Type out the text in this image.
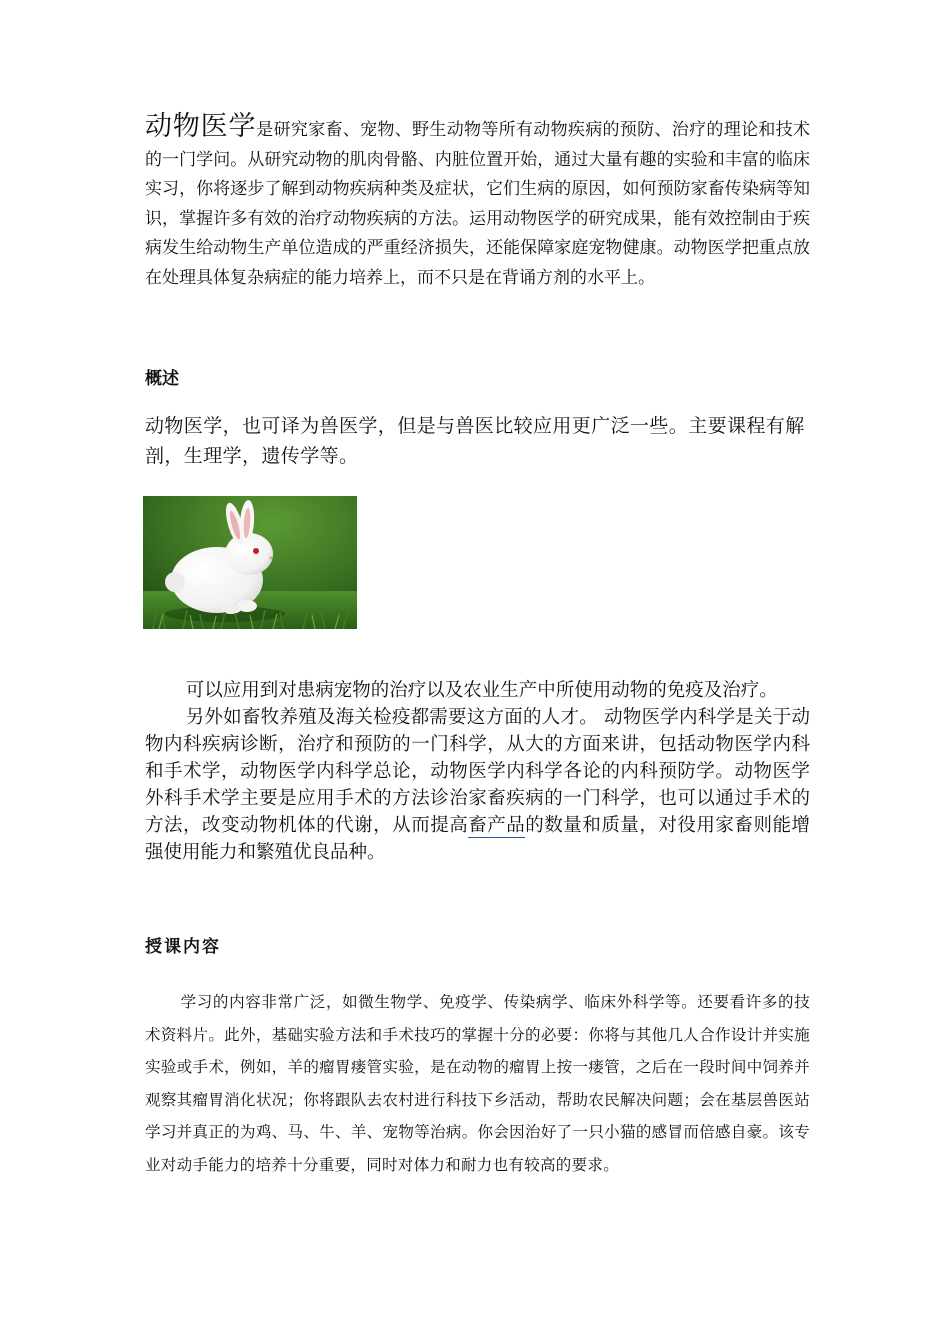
动物医学是研究家畜、宠物、野生动物等所有动物疾病的预防、治疗的理论和技术的一门学问。从研究动物的肌肉骨骼、内脏位置开始，通过大量有趣的实验和丰富的临床实习，你将逐步了解到动物疾病种类及症状，它们生病的原因，如何预防家畜传染病等知识，掌握许多有效的治疗动物疾病的方法。运用动物医学的研究成果，能有效控制由于疾病发生给动物生产单位造成的严重经济损失，还能保障家庭宠物健康。动物医学把重点放在处理具体复杂病症的能力培养上，而不只是在背诵方剂的水平上。

概述

动物医学，也可译为兽医学，但是与兽医比较应用更广泛一些。主要课程有解剖，生理学，遗传学等。

可以应用到对患病宠物的治疗以及农业生产中所使用动物的免疫及治疗。

另外如畜牧养殖及海关检疫都需要这方面的人才。 动物医学内科学是关于动物内科疾病诊断，治疗和预防的一门科学，从大的方面来讲，包括动物医学内科和手术学，动物医学内科学总论，动物医学内科学各论的内科预防学。动物医学外科手术学主要是应用手术的方法诊治家畜疾病的一门科学，也可以通过手术的方法，改变动物机体的代谢，从而提高畜产品的数量和质量，对役用家畜则能增强使用能力和繁殖优良品种。

授课内容

学习的内容非常广泛，如微生物学、免疫学、传染病学、临床外科学等。还要看许多的技术资料片。此外，基础实验方法和手术技巧的掌握十分的必要：你将与其他几人合作设计并实施实验或手术，例如，羊的瘤胃瘘管实验，是在动物的瘤胃上按一瘘管，之后在一段时间中饲养并观察其瘤胃消化状况；你将跟队去农村进行科技下乡活动，帮助农民解决问题；会在基层兽医站学习并真正的为鸡、马、牛、羊、宠物等治病。你会因治好了一只小猫的感冒而倍感自豪。该专业对动手能力的培养十分重要，同时对体力和耐力也有较高的要求。
